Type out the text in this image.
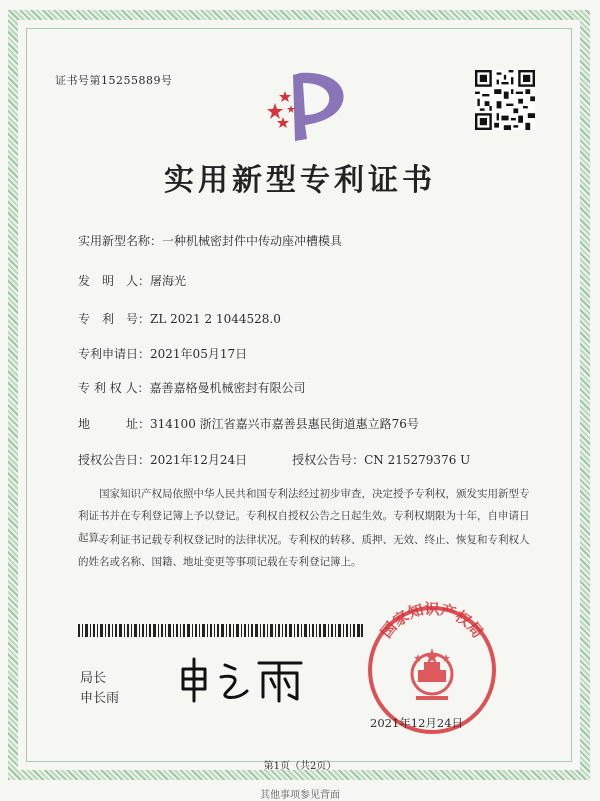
证书号第15255889号
实用新型专利证书
实用新型名称：一种机械密封件中传动座冲槽模具
发　明　人：屠海光
专　利　号：ZL 2021 2 1044528.0
专利申请日：2021年05月17日
专 利 权 人：嘉善嘉格曼机械密封有限公司
地　　　址：314100 浙江省嘉兴市嘉善县惠民街道惠立路76号
授权公告日：2021年12月24日	授权公告号：CN 215279376 U
国家知识产权局依照中华人民共和国专利法经过初步审查，决定授予专利权，颁发实用新型专利证书并在专利登记簿上予以登记。专利权自授权公告之日起生效。专利权期限为十年，自申请日起算。
专利证书记载专利权登记时的法律状况。专利权的转移、质押、无效、终止、恢复和专利权人的姓名或名称、国籍、地址变更等事项记载在专利登记簿上。
局长
申长雨
国家知识产权局
2021年12月24日
第1页（共2页）
其他事项参见背面
